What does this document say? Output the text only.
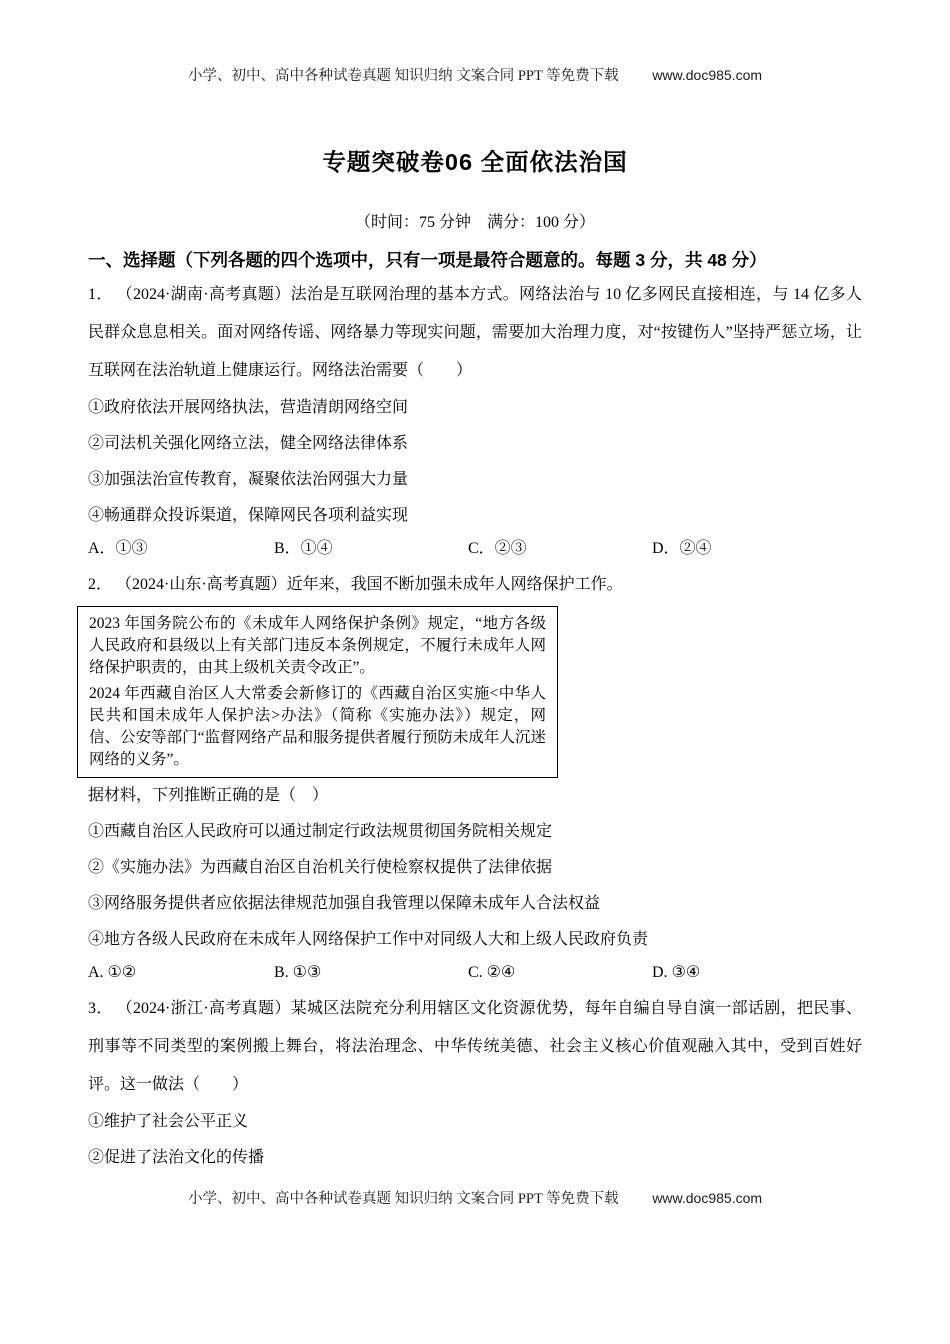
小学、初中、高中各种试卷真题 知识归纳 文案合同 PPT 等免费下载 www.doc985.com
专题突破卷06 全面依法治国
（时间：75 分钟　满分：100 分）
一、选择题（下列各题的四个选项中，只有一项是最符合题意的。每题 3 分，共 48 分）

1． （2024·湖南·高考真题）法治是互联网治理的基本方式。网络法治与 10 亿多网民直接相连，与 14 亿多人民群众息息相关。面对网络传谣、网络暴力等现实问题，需要加大治理力度，对“按键伤人”坚持严惩立场，让互联网在法治轨道上健康运行。网络法治需要（　　）

①政府依法开展网络执法，营造清朗网络空间

②司法机关强化网络立法，健全网络法律体系

③加强法治宣传教育，凝聚依法治网强大力量

④畅通群众投诉渠道，保障网民各项利益实现

A．①③	B．①④	C．②③	D．②④

2． （2024·山东·高考真题）近年来，我国不断加强未成年人网络保护工作。

2023 年国务院公布的《未成年人网络保护条例》规定，“地方各级人民政府和县级以上有关部门违反本条例规定，不履行未成年人网络保护职责的，由其上级机关责令改正”。

2024 年西藏自治区人大常委会新修订的《西藏自治区实施<中华人民共和国未成年人保护法>办法》（简称《实施办法》）规定，网信、公安等部门“监督网络产品和服务提供者履行预防未成年人沉迷网络的义务”。

据材料，下列推断正确的是（　）

①西藏自治区人民政府可以通过制定行政法规贯彻国务院相关规定

②《实施办法》为西藏自治区自治机关行使检察权提供了法律依据

③网络服务提供者应依据法律规范加强自我管理以保障未成年人合法权益

④地方各级人民政府在未成年人网络保护工作中对同级人大和上级人民政府负责

A. ①②	B. ①③	C. ②④	D. ③④

3． （2024·浙江·高考真题）某城区法院充分利用辖区文化资源优势，每年自编自导自演一部话剧，把民事、刑事等不同类型的案例搬上舞台，将法治理念、中华传统美德、社会主义核心价值观融入其中，受到百姓好评。这一做法（　　）

①维护了社会公平正义

②促进了法治文化的传播

小学、初中、高中各种试卷真题 知识归纳 文案合同 PPT 等免费下载 www.doc985.com
